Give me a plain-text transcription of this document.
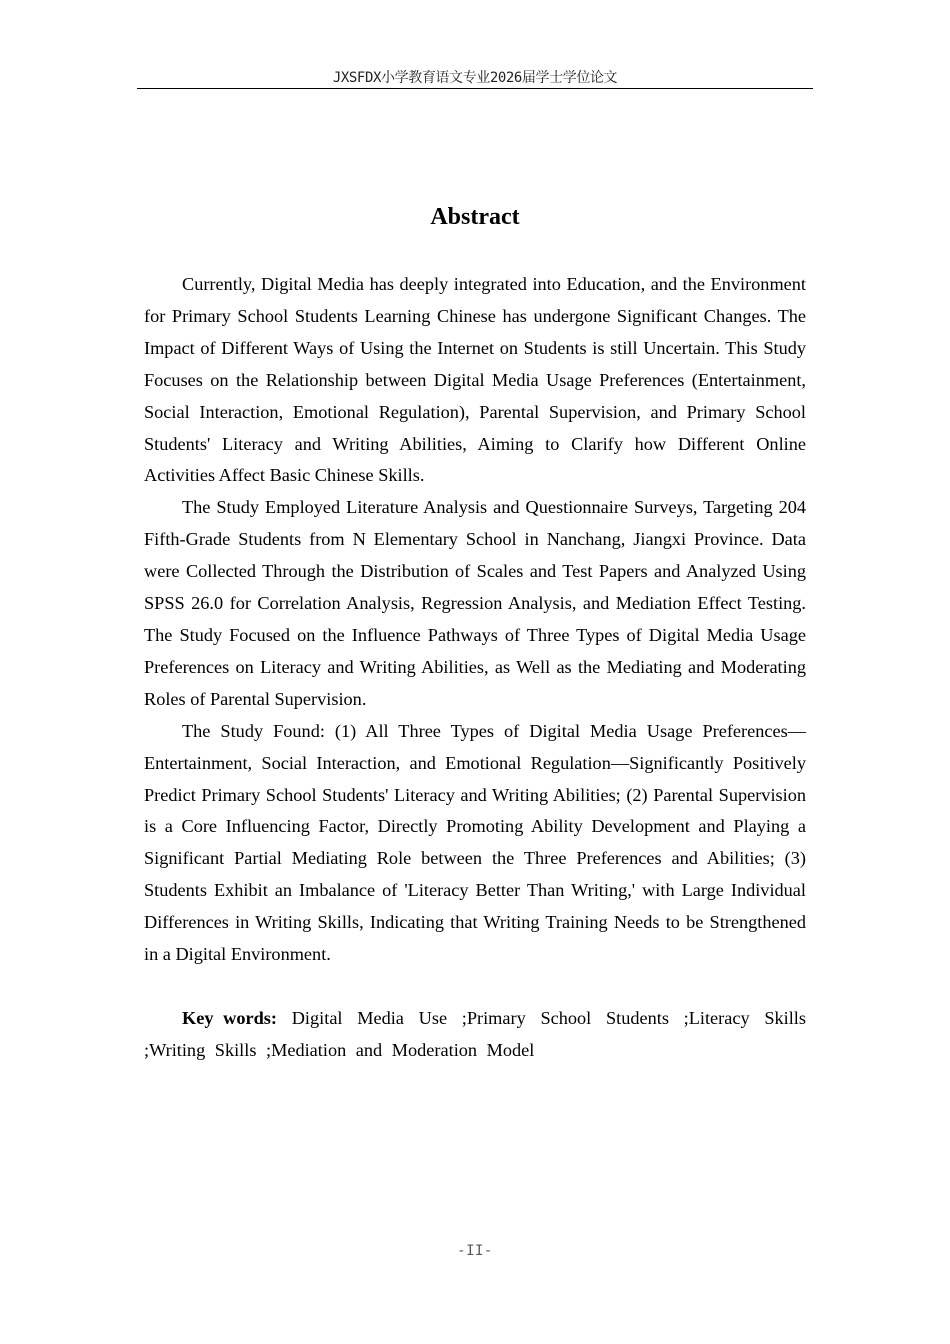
JXSFDX小学教育语文专业2026届学士学位论文
Abstract

Currently, Digital Media has deeply integrated into Education, and the Environment for Primary School Students Learning Chinese has undergone Significant Changes. The Impact of Different Ways of Using the Internet on Students is still Uncertain. This Study Focuses on the Relationship between Digital Media Usage Preferences (Entertainment, Social Interaction, Emotional Regulation), Parental Supervision, and Primary School Students' Literacy and Writing Abilities, Aiming to Clarify how Different Online Activities Affect Basic Chinese Skills.

The Study Employed Literature Analysis and Questionnaire Surveys, Targeting 204 Fifth-Grade Students from N Elementary School in Nanchang, Jiangxi Province. Data were Collected Through the Distribution of Scales and Test Papers and Analyzed Using SPSS 26.0 for Correlation Analysis, Regression Analysis, and Mediation Effect Testing. The Study Focused on the Influence Pathways of Three Types of Digital Media Usage Preferences on Literacy and Writing Abilities, as Well as the Mediating and Moderating Roles of Parental Supervision.

The Study Found: (1) All Three Types of Digital Media Usage Preferences—Entertainment, Social Interaction, and Emotional Regulation—Significantly Positively Predict Primary School Students' Literacy and Writing Abilities; (2) Parental Supervision is a Core Influencing Factor, Directly Promoting Ability Development and Playing a Significant Partial Mediating Role between the Three Preferences and Abilities; (3) Students Exhibit an Imbalance of 'Literacy Better Than Writing,' with Large Individual Differences in Writing Skills, Indicating that Writing Training Needs to be Strengthened in a Digital Environment.

Key words: Digital Media Use ;Primary School Students ;Literacy Skills ;Writing Skills ;Mediation and Moderation Model

-II-
